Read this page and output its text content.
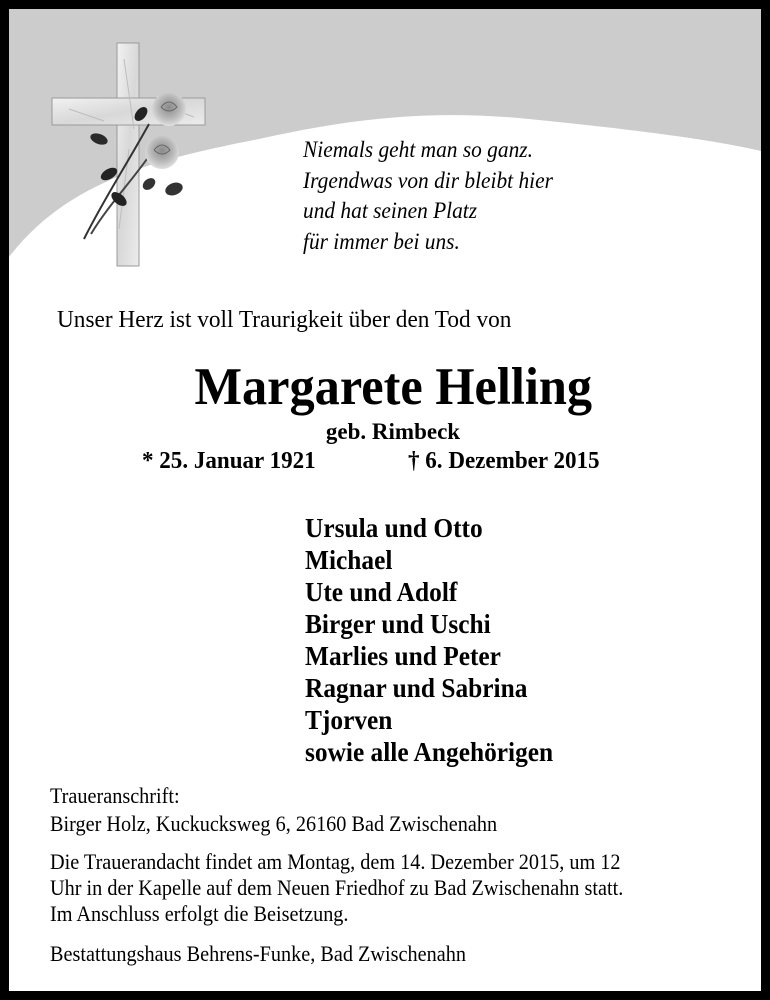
Niemals geht man so ganz.
Irgendwas von dir bleibt hier
und hat seinen Platz
für immer bei uns.
Unser Herz ist voll Traurigkeit über den Tod von
Margarete Helling
geb. Rimbeck
* 25. Januar 1921	† 6. Dezember 2015
Ursula und Otto
Michael
Ute und Adolf
Birger und Uschi
Marlies und Peter
Ragnar und Sabrina
Tjorven
sowie alle Angehörigen
Traueranschrift:
Birger Holz, Kuckucksweg 6, 26160 Bad Zwischenahn
Die Trauerandacht findet am Montag, dem 14. Dezember 2015, um 12
Uhr in der Kapelle auf dem Neuen Friedhof zu Bad Zwischenahn statt.
Im Anschluss erfolgt die Beisetzung.
Bestattungshaus Behrens-Funke, Bad Zwischenahn
